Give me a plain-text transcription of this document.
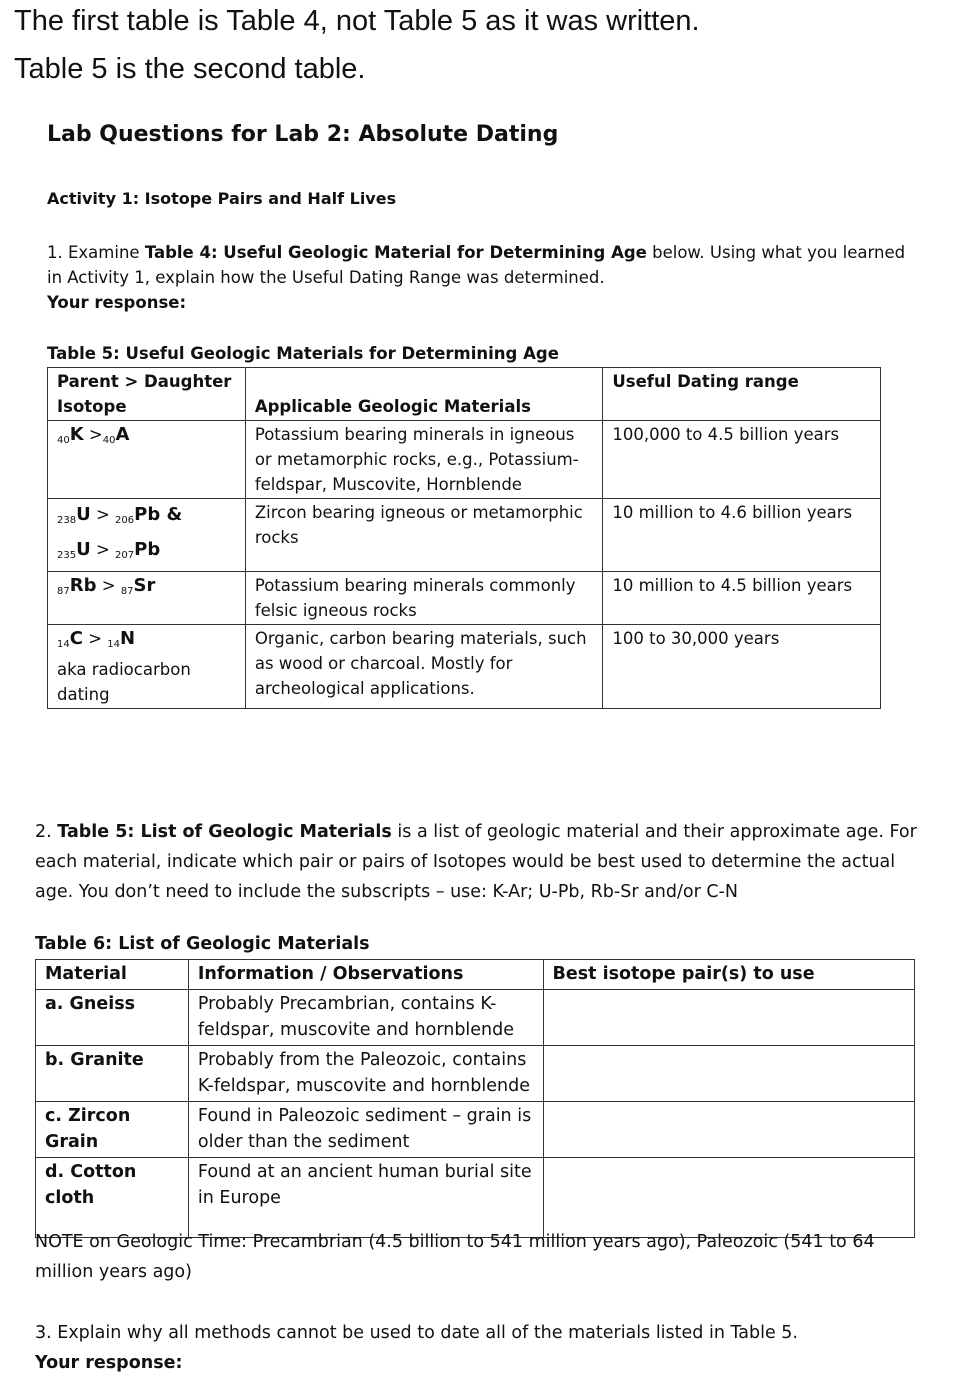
The first table is Table 4, not Table 5 as it was written.
Table 5 is the second table.
Lab Questions for Lab 2: Absolute Dating
Activity 1: Isotope Pairs and Half Lives
1. Examine Table 4: Useful Geologic Material for Determining Age below. Using what you learned in Activity 1, explain how the Useful Dating Range was determined.
Your response:
Table 5: Useful Geologic Materials for Determining Age
Parent > Daughter
Isotope	Applicable Geologic Materials	Useful Dating range
$_{40}K >_{40}A$	Potassium bearing minerals in igneous or metamorphic rocks, e.g., Potassium-feldspar, Muscovite, Hornblende	100,000 to 4.5 billion years
$_{238}$U > $_{206}$Pb &
$_{235}$U > $_{207}$Pb	Zircon bearing igneous or metamorphic rocks	10 million to 4.6 billion years
$_{87}$Rb > $_{87}$Sr	Potassium bearing minerals commonly felsic igneous rocks	10 million to 4.5 billion years
$_{14}$C > $_{14}$N
aka radiocarbon dating	Organic, carbon bearing materials, such as wood or charcoal. Mostly for archeological applications.	100 to 30,000 years
2. Table 5: List of Geologic Materials is a list of geologic material and their approximate age. For each material, indicate which pair or pairs of Isotopes would be best used to determine the actual age. You don’t need to include the subscripts – use: K-Ar; U-Pb, Rb-Sr and/or C-N
Table 6: List of Geologic Materials
Material	Information / Observations	Best isotope pair(s) to use
a. Gneiss	Probably Precambrian, contains K-feldspar, muscovite and hornblende	
b. Granite	Probably from the Paleozoic, contains K-feldspar, muscovite and hornblende	
c. Zircon Grain	Found in Paleozoic sediment – grain is older than the sediment	
d. Cotton cloth	Found at an ancient human burial site in Europe	
NOTE on Geologic Time: Precambrian (4.5 billion to 541 million years ago), Paleozoic (541 to 64 million years ago)
3. Explain why all methods cannot be used to date all of the materials listed in Table 5.
Your response:
